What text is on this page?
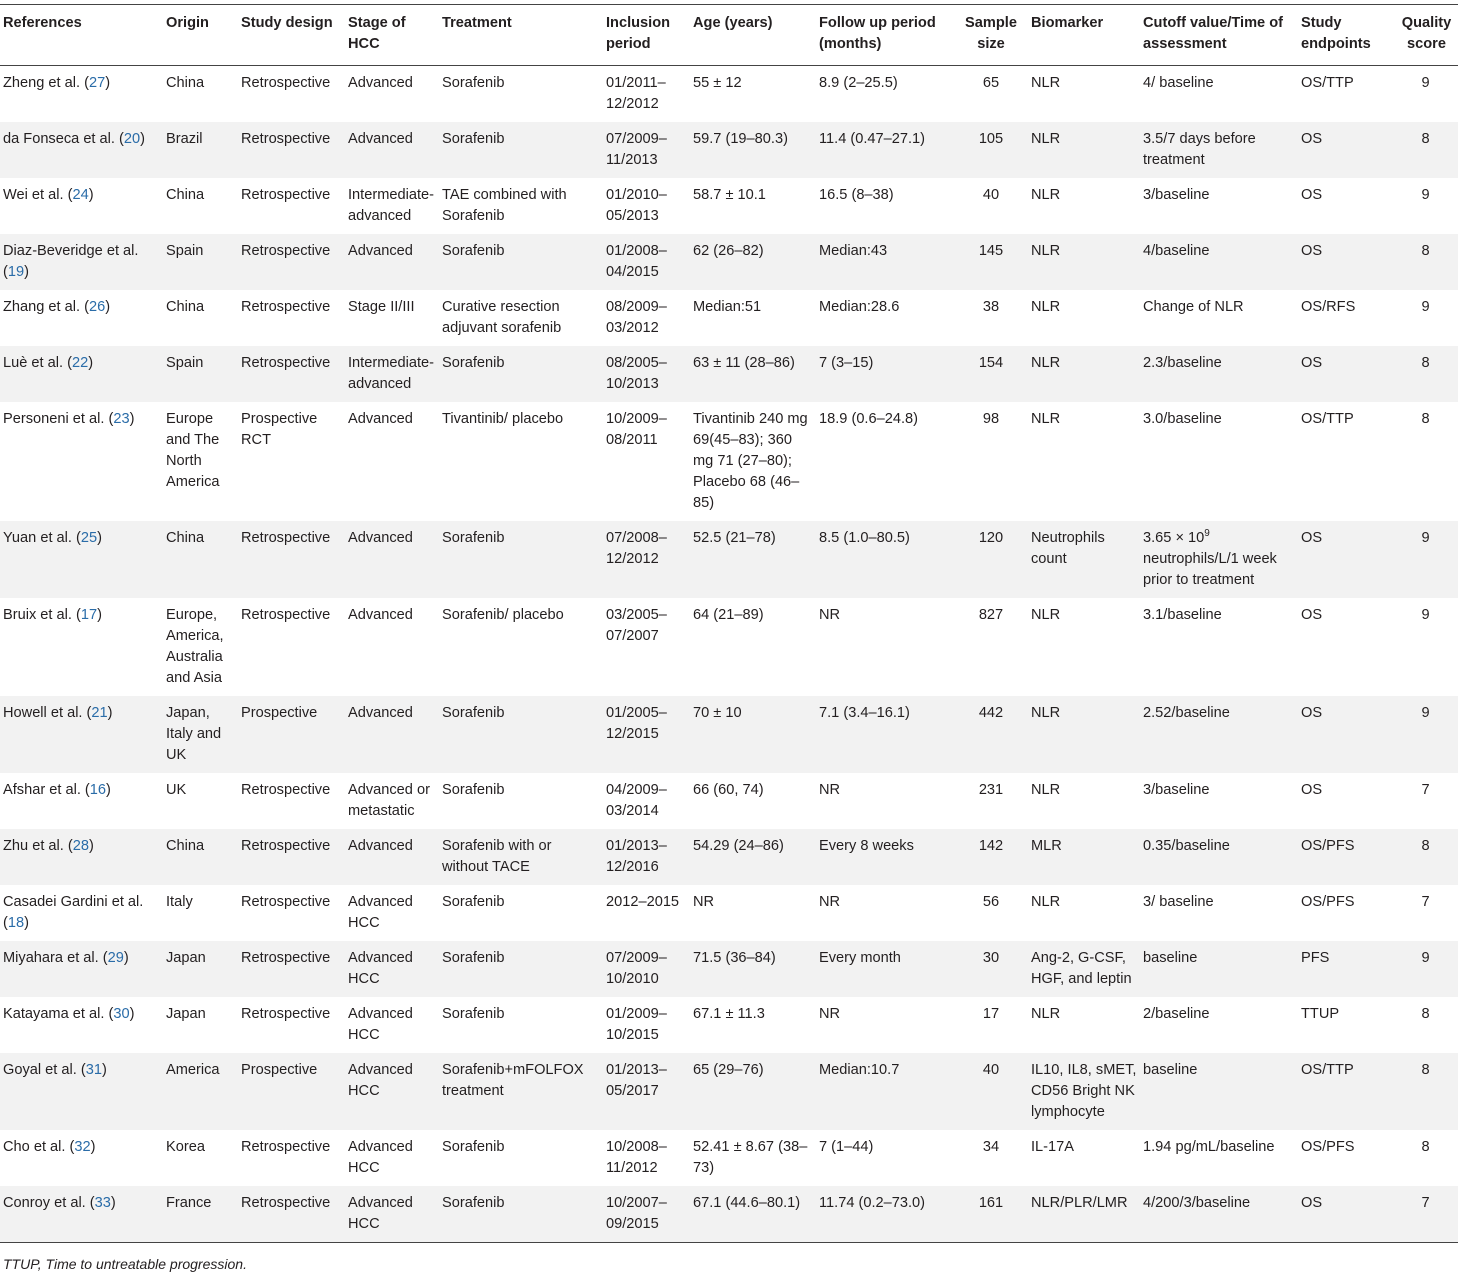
References	Origin	Study design	Stage of HCC	Treatment	Inclusion period	Age (years)	Follow up period (months)	Sample size	Biomarker	Cutoff value/Time of assessment	Study endpoints	Quality score
Zheng et al. (27)	China	Retrospective	Advanced	Sorafenib	01/2011–12/2012	55 ± 12	8.9 (2–25.5)	65	NLR	4/ baseline	OS/TTP	9
da Fonseca et al. (20)	Brazil	Retrospective	Advanced	Sorafenib	07/2009–11/2013	59.7 (19–80.3)	11.4 (0.47–27.1)	105	NLR	3.5/7 days before treatment	OS	8
Wei et al. (24)	China	Retrospective	Intermediate-advanced	TAE combined with Sorafenib	01/2010–05/2013	58.7 ± 10.1	16.5 (8–38)	40	NLR	3/baseline	OS	9
Diaz-Beveridge et al. (19)	Spain	Retrospective	Advanced	Sorafenib	01/2008–04/2015	62 (26–82)	Median:43	145	NLR	4/baseline	OS	8
Zhang et al. (26)	China	Retrospective	Stage II/III	Curative resection adjuvant sorafenib	08/2009–03/2012	Median:51	Median:28.6	38	NLR	Change of NLR	OS/RFS	9
Luè et al. (22)	Spain	Retrospective	Intermediate-advanced	Sorafenib	08/2005–10/2013	63 ± 11 (28–86)	7 (3–15)	154	NLR	2.3/baseline	OS	8
Personeni et al. (23)	Europe and The North America	Prospective RCT	Advanced	Tivantinib/ placebo	10/2009–08/2011	Tivantinib 240 mg 69(45–83); 360 mg 71 (27–80); Placebo 68 (46–85)	18.9 (0.6–24.8)	98	NLR	3.0/baseline	OS/TTP	8
Yuan et al. (25)	China	Retrospective	Advanced	Sorafenib	07/2008–12/2012	52.5 (21–78)	8.5 (1.0–80.5)	120	Neutrophils count	$3.65 \times 10^9$ neutrophils/L/1 week prior to treatment	OS	9
Bruix et al. (17)	Europe, America, Australia and Asia	Retrospective	Advanced	Sorafenib/ placebo	03/2005–07/2007	64 (21–89)	NR	827	NLR	3.1/baseline	OS	9
Howell et al. (21)	Japan, Italy and UK	Prospective	Advanced	Sorafenib	01/2005–12/2015	70 ± 10	7.1 (3.4–16.1)	442	NLR	2.52/baseline	OS	9
Afshar et al. (16)	UK	Retrospective	Advanced or metastatic	Sorafenib	04/2009–03/2014	66 (60, 74)	NR	231	NLR	3/baseline	OS	7
Zhu et al. (28)	China	Retrospective	Advanced	Sorafenib with or without TACE	01/2013–12/2016	54.29 (24–86)	Every 8 weeks	142	MLR	0.35/baseline	OS/PFS	8
Casadei Gardini et al. (18)	Italy	Retrospective	Advanced HCC	Sorafenib	2012–2015	NR	NR	56	NLR	3/ baseline	OS/PFS	7
Miyahara et al. (29)	Japan	Retrospective	Advanced HCC	Sorafenib	07/2009–10/2010	71.5 (36–84)	Every month	30	Ang-2, G-CSF, HGF, and leptin	baseline	PFS	9
Katayama et al. (30)	Japan	Retrospective	Advanced HCC	Sorafenib	01/2009–10/2015	67.1 ± 11.3	NR	17	NLR	2/baseline	TTUP	8
Goyal et al. (31)	America	Prospective	Advanced HCC	Sorafenib+mFOLFOX treatment	01/2013–05/2017	65 (29–76)	Median:10.7	40	IL10, IL8, sMET, CD56 Bright NK lymphocyte	baseline	OS/TTP	8
Cho et al. (32)	Korea	Retrospective	Advanced HCC	Sorafenib	10/2008–11/2012	52.41 ± 8.67 (38–73)	7 (1–44)	34	IL-17A	1.94 pg/mL/baseline	OS/PFS	8
Conroy et al. (33)	France	Retrospective	Advanced HCC	Sorafenib	10/2007–09/2015	67.1 (44.6–80.1)	11.74 (0.2–73.0)	161	NLR/PLR/LMR	4/200/3/baseline	OS	7
TTUP, Time to untreatable progression.
